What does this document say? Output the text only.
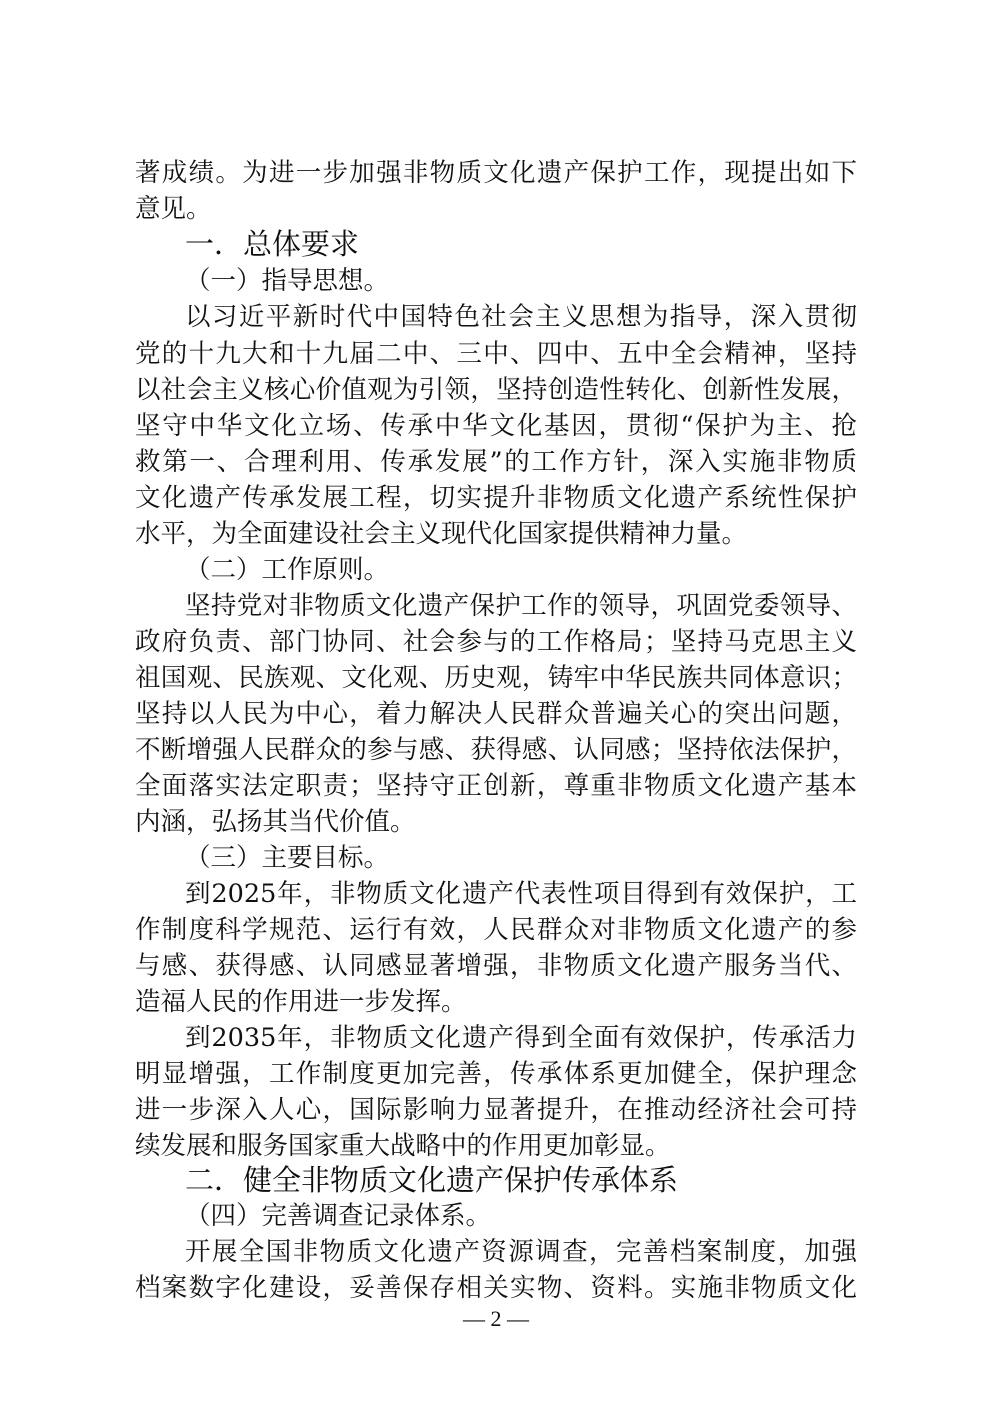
著成绩。为进一步加强非物质文化遗产保护工作，现提出如下
意见。
一．总体要求
（一）指导思想。
以习近平新时代中国特色社会主义思想为指导，深入贯彻
党的十九大和十九届二中、三中、四中、五中全会精神，坚持
以社会主义核心价值观为引领，坚持创造性转化、创新性发展，
坚守中华文化立场、传承中华文化基因，贯彻“保护为主、抢
救第一、合理利用、传承发展”的工作方针，深入实施非物质
文化遗产传承发展工程，切实提升非物质文化遗产系统性保护
水平，为全面建设社会主义现代化国家提供精神力量。
（二）工作原则。
坚持党对非物质文化遗产保护工作的领导，巩固党委领导、
政府负责、部门协同、社会参与的工作格局；坚持马克思主义
祖国观、民族观、文化观、历史观，铸牢中华民族共同体意识；
坚持以人民为中心，着力解决人民群众普遍关心的突出问题，
不断增强人民群众的参与感、获得感、认同感；坚持依法保护，
全面落实法定职责；坚持守正创新，尊重非物质文化遗产基本
内涵，弘扬其当代价值。
（三）主要目标。
到2025年，非物质文化遗产代表性项目得到有效保护，工
作制度科学规范、运行有效，人民群众对非物质文化遗产的参
与感、获得感、认同感显著增强，非物质文化遗产服务当代、
造福人民的作用进一步发挥。
到2035年，非物质文化遗产得到全面有效保护，传承活力
明显增强，工作制度更加完善，传承体系更加健全，保护理念
进一步深入人心，国际影响力显著提升，在推动经济社会可持
续发展和服务国家重大战略中的作用更加彰显。
二．健全非物质文化遗产保护传承体系
（四）完善调查记录体系。
开展全国非物质文化遗产资源调查，完善档案制度，加强
— 2 —
档案数字化建设，妥善保存相关实物、资料。实施非物质文化
